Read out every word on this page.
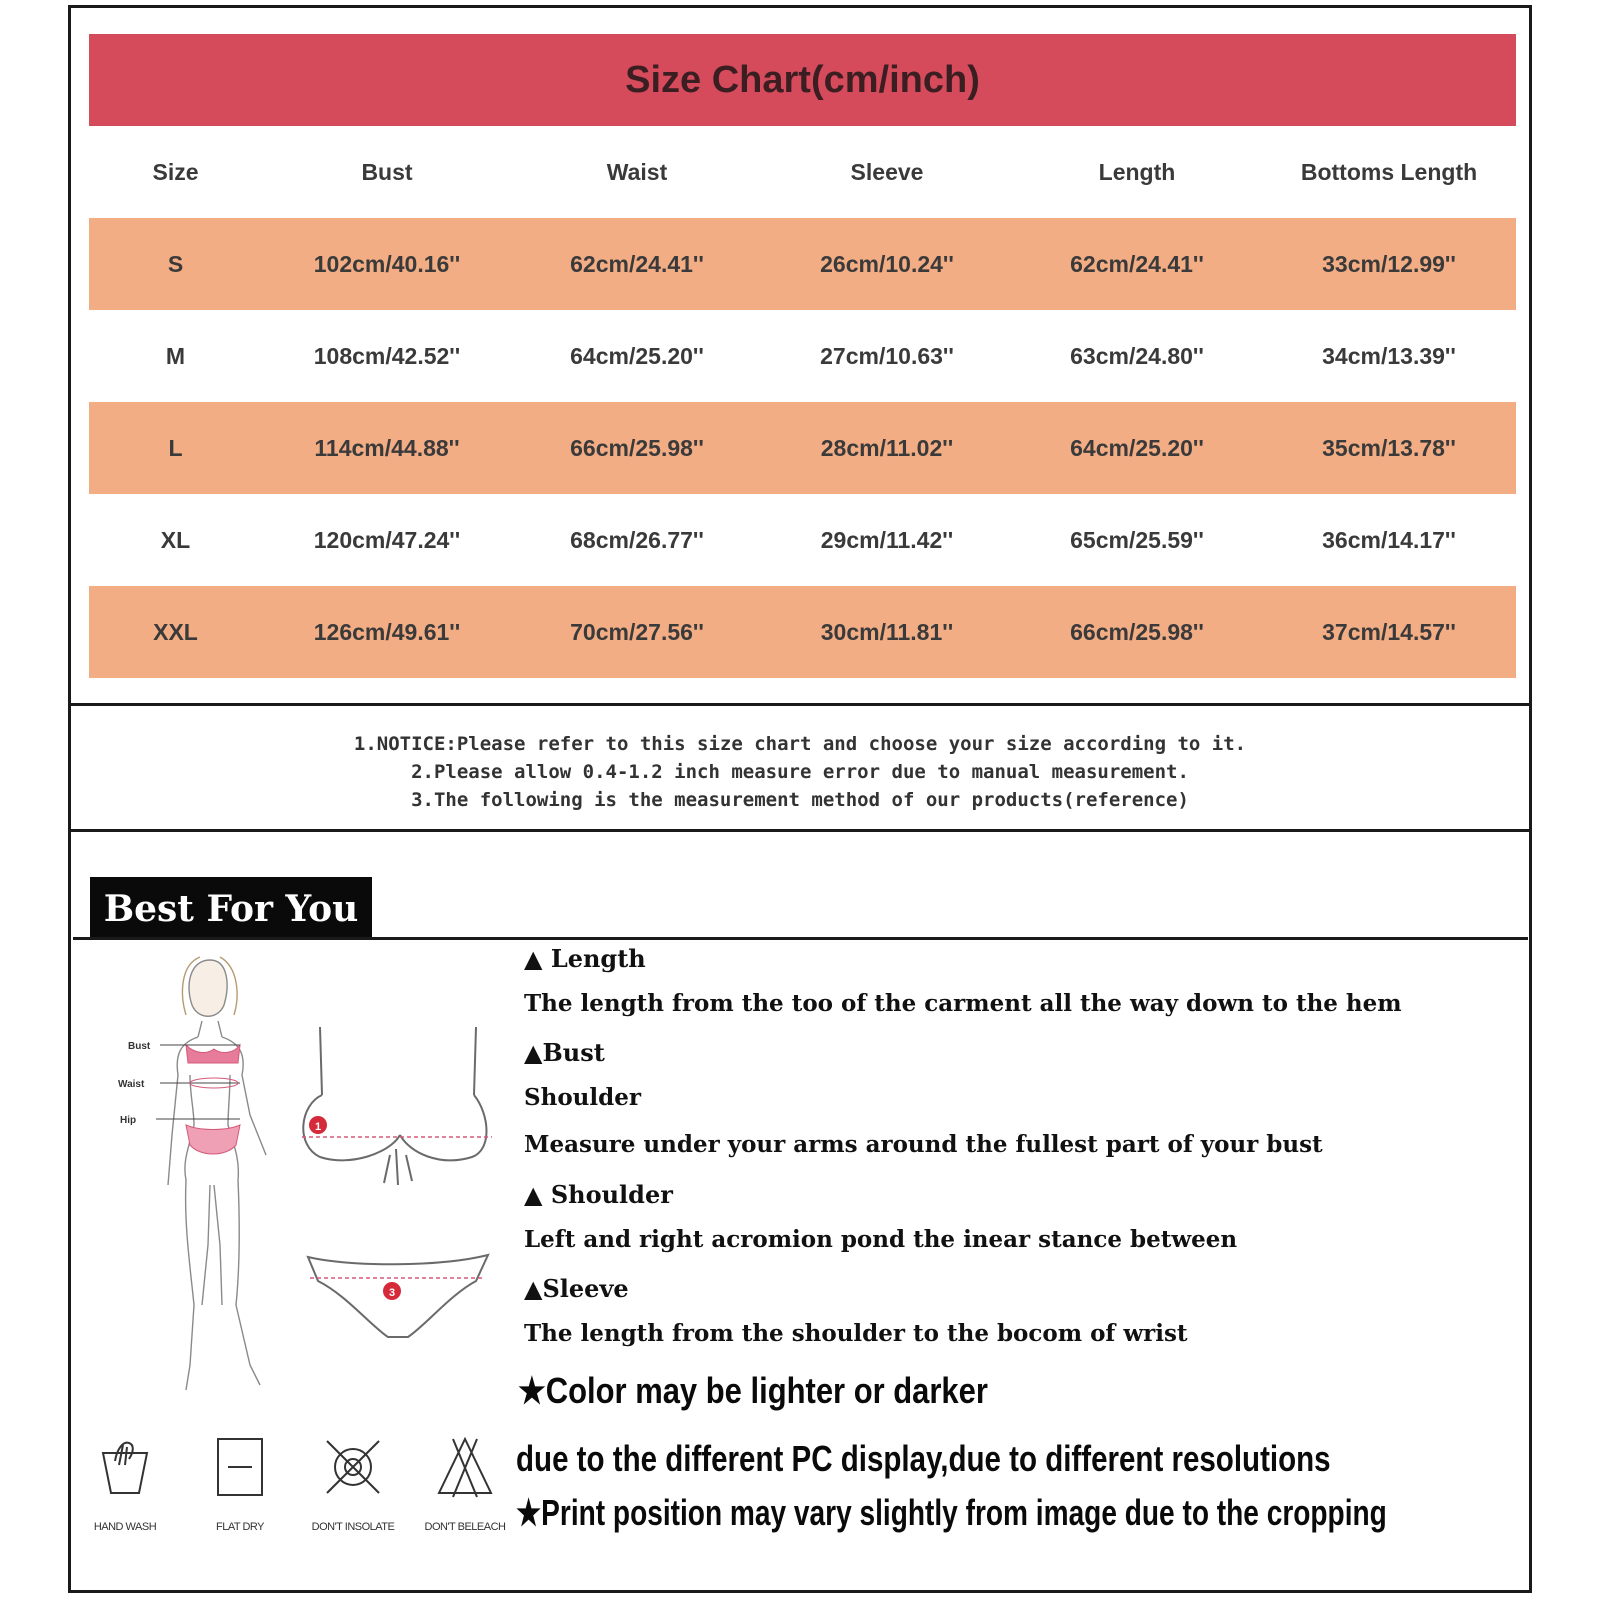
Size Chart(cm/inch)
Size	Bust	Waist	Sleeve	Length	Bottoms Length
S	102cm/40.16''	62cm/24.41''	26cm/10.24''	62cm/24.41''	33cm/12.99''
M	108cm/42.52''	64cm/25.20''	27cm/10.63''	63cm/24.80''	34cm/13.39''
L	114cm/44.88''	66cm/25.98''	28cm/11.02''	64cm/25.20''	35cm/13.78''
XL	120cm/47.24''	68cm/26.77''	29cm/11.42''	65cm/25.59''	36cm/14.17''
XXL	126cm/49.61''	70cm/27.56''	30cm/11.81''	66cm/25.98''	37cm/14.57''
1.NOTICE:Please refer to this size chart and choose your size according to it.
2.Please allow 0.4-1.2 inch measure error due to manual measurement.
3.The following is the measurement method of our products(reference)
Best For You
Bust
Waist
Hip
1
3
HAND WASH	FLAT DRY	DON'T INSOLATE	DON'T BELEACH
▲ Length
The length from the too of the carment all the way down to the hem
▲Bust
Shoulder
Measure under your arms around the fullest part of your bust
▲ Shoulder
Left and right acromion pond the inear stance between
▲Sleeve
The length from the shoulder to the bocom of wrist
★Color may be lighter or darker
due to the different PC display,due to different resolutions
★Print position may vary slightly from image due to the cropping
